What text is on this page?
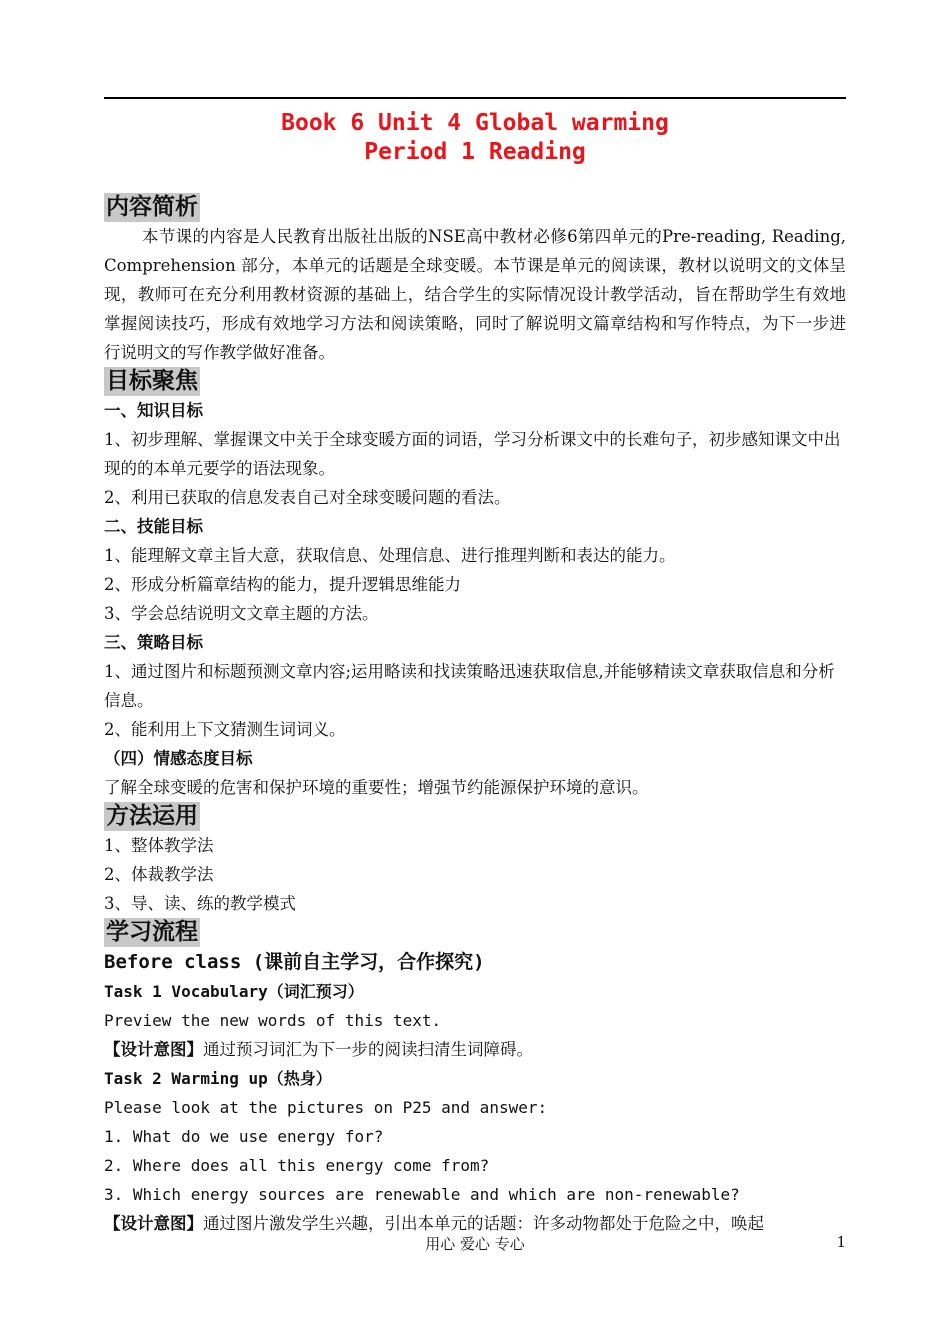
Book 6 Unit 4 Global warming
Period 1 Reading
内容简析

本节课的内容是人民教育出版社出版的NSE高中教材必修6第四单元的Pre-reading, Reading, Comprehension 部分，本单元的话题是全球变暖。本节课是单元的阅读课，教材以说明文的文体呈现，教师可在充分利用教材资源的基础上，结合学生的实际情况设计教学活动，旨在帮助学生有效地掌握阅读技巧，形成有效地学习方法和阅读策略，同时了解说明文篇章结构和写作特点，为下一步进行说明文的写作教学做好准备。

目标聚焦
一、知识目标

1、初步理解、掌握课文中关于全球变暖方面的词语，学习分析课文中的长难句子，初步感知课文中出现的的本单元要学的语法现象。

2、利用已获取的信息发表自己对全球变暖问题的看法。

二、技能目标

1、能理解文章主旨大意，获取信息、处理信息、进行推理判断和表达的能力。

2、形成分析篇章结构的能力，提升逻辑思维能力

3、学会总结说明文文章主题的方法。

三、策略目标

1、通过图片和标题预测文章内容;运用略读和找读策略迅速获取信息,并能够精读文章获取信息和分析信息。

2、能利用上下文猜测生词词义。

（四）情感态度目标

了解全球变暖的危害和保护环境的重要性；增强节约能源保护环境的意识。

方法运用

1、整体教学法

2、体裁教学法

3、导、读、练的教学模式

学习流程
Before class (课前自主学习，合作探究)
Task 1 Vocabulary（词汇预习）
Preview the new words of this text.

【设计意图】通过预习词汇为下一步的阅读扫清生词障碍。

Task 2 Warming up（热身）
Please look at the pictures on P25 and answer:
1. What do we use energy for?
2. Where does all this energy come from?
3. Which energy sources are renewable and which are non-renewable?

【设计意图】通过图片激发学生兴趣，引出本单元的话题：许多动物都处于危险之中，唤起

用心 爱心 专心	1
